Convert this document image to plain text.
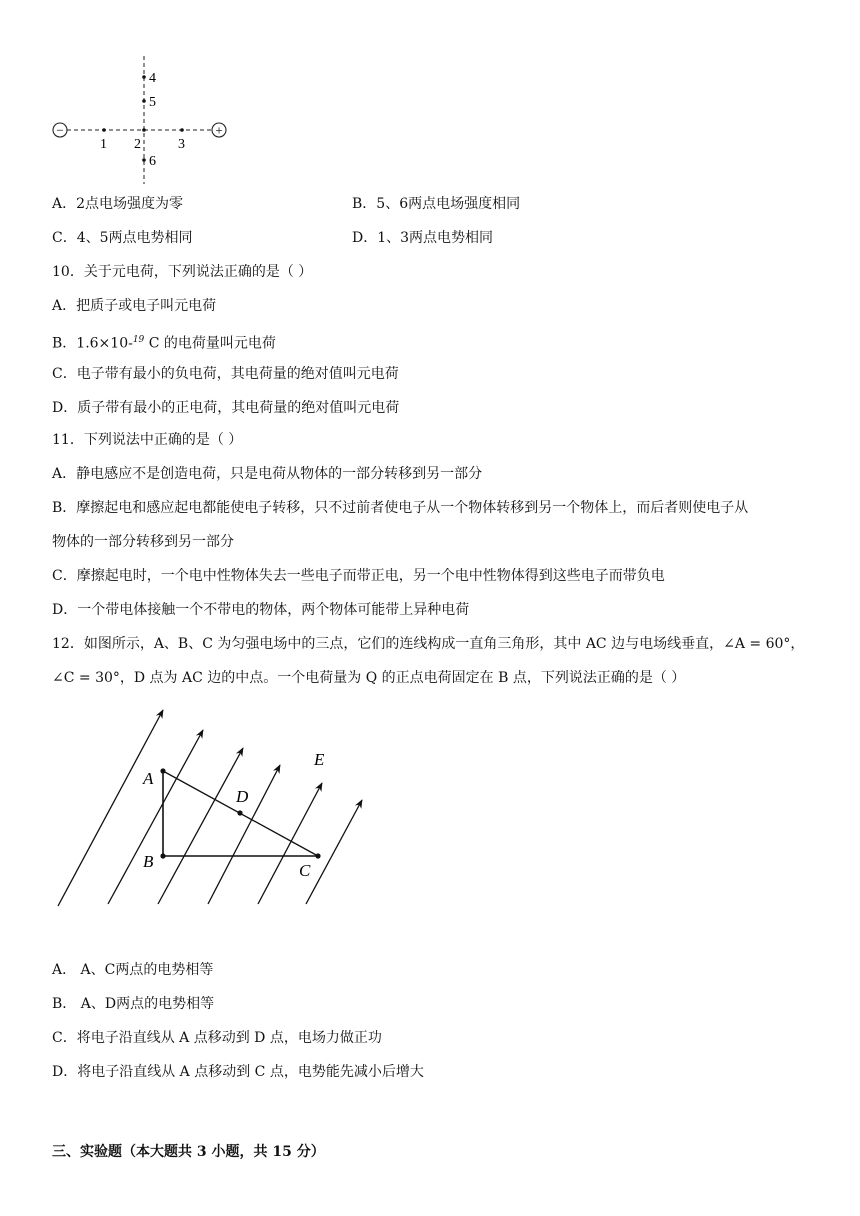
−	+
1 2	3
4
5
6
A．2点电场强度为零	B．5、6两点电场强度相同
C．4、5两点电势相同	D．1、3两点电势相同
10．关于元电荷，下列说法正确的是（ ）
A．把质子或电子叫元电荷
B．1.6×10-$^{19}$ C 的电荷量叫元电荷
C．电子带有最小的负电荷，其电荷量的绝对值叫元电荷
D．质子带有最小的正电荷，其电荷量的绝对值叫元电荷
11．下列说法中正确的是（ ）
A．静电感应不是创造电荷，只是电荷从物体的一部分转移到另一部分
B．摩擦起电和感应起电都能使电子转移，只不过前者使电子从一个物体转移到另一个物体上，而后者则使电子从
物体的一部分转移到另一部分
C．摩擦起电时，一个电中性物体失去一些电子而带正电，另一个电中性物体得到这些电子而带负电
D．一个带电体接触一个不带电的物体，两个物体可能带上异种电荷
12．如图所示，A、B、C 为匀强电场中的三点，它们的连线构成一直角三角形，其中 AC 边与电场线垂直，∠A = 60°，
∠C = 30°，D 点为 AC 边的中点。一个电荷量为 Q 的正点电荷固定在 B 点，下列说法正确的是（ ）
A
B	C
D
E
A． A、C两点的电势相等
B． A、D两点的电势相等
C．将电子沿直线从 A 点移动到 D 点，电场力做正功
D．将电子沿直线从 A 点移动到 C 点，电势能先减小后增大
三、实验题（本大题共 3 小题，共 15 分）
